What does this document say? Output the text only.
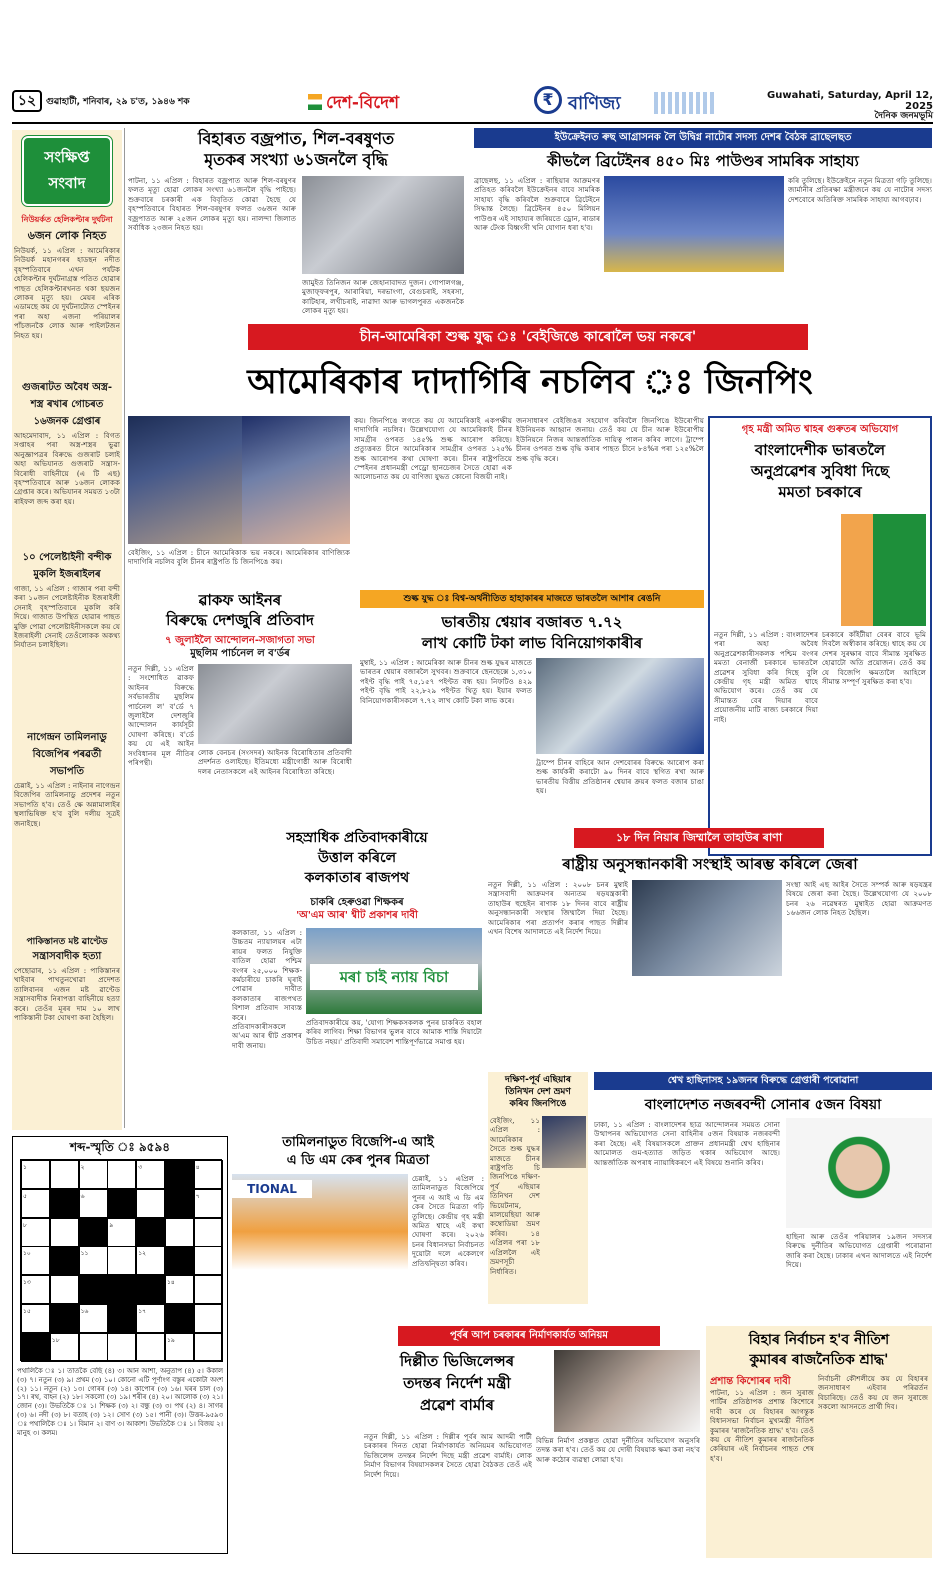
১২	গুৱাহাটী, শনিবাৰ, ২৯ চ'ত, ১৯৪৬ শক	দেশ-বিদেশ	₹ বাণিজ্য	Guwahati, Saturday, April 12, 2025
দৈনিক জনমভূমি
সংক্ষিপ্ত
সংবাদ
নিউয়ৰ্কত হেলিকপ্টাৰ দুৰ্ঘটনা
৬জন লোক নিহত
নিউয়ৰ্ক, ১১ এপ্ৰিল : আমেৰিকাৰ নিউয়ৰ্ক মহানগৰৰ হাডছন নদীত বৃহস্পতিবাৰে এখন পৰ্যটক হেলিকপ্টাৰ দুৰ্ঘটনাগ্ৰস্ত পতিত হোৱাৰ পাছত হেলিকপ্টাৰখনত থকা ছয়জন লোকৰ মৃত্যু হয়। মেয়ৰ এৰিক এডামছে কয় যে দুৰ্ঘটনাটোত স্পেইনৰ পৰা অহা এজনা পৰিয়ালৰ পাঁচজনকৈ লোক আৰু পাইলটজন নিহত হয়।
গুজৰাটত অবৈধ অস্ত্ৰ-
শস্ত্ৰ ৰখাৰ গোচৰত ১৬জনক গ্ৰেপ্তাৰ
আহমেদাবাদ, ১১ এপ্ৰিল : বিগত সপ্তাহৰ পৰা অস্ত্ৰ-শস্ত্ৰৰ ভুৱা অনুজ্ঞাপত্ৰৰ বিৰুদ্ধে গুজৰাট চলাই অহা অভিযানত গুজৰাট সন্ত্ৰাস-বিৰোধী বাহিনীয়ে (এ টি এছ) বৃহস্পতিবাৰে আৰু ১৬জন লোকক গ্ৰেপ্তাৰ কৰে। অভিযানৰ সময়ত ১৩টা ৰাইফল জব্দ কৰা হয়।
১০ পেলেষ্টাইনী বন্দীক মুকলি ইজৰাইলৰ
গাজা, ১১ এপ্ৰিল : গাজাৰ পৰা বন্দী কৰা ১০জন পেলেষ্টাইনীক ইজৰাইলী সেনাই বৃহস্পতিবাৰে মুকলি কৰি দিয়ে। গাজাত উপস্থিত হোৱাৰ পাছত মুক্তি পোৱা পেলেষ্টাইনীসকলে কয় যে ইজৰাইলী সেনাই তেওঁলোকক অকথ্য নিৰ্যাতন চলাইছিল।
নাগেন্দ্ৰন তামিলনাডু
বিজেপিৰ পৰৱৰ্তী সভাপতি
চেন্নাই, ১১ এপ্ৰিল : নাইনাৰ নাগেন্দ্ৰন বিজেপিৰ তামিলনাডু প্ৰদেশৰ নতুন সভাপতি হ'ব। তেওঁ ক্ষে অন্নামালাইৰ স্থলাভিষিক্ত হ'ব বুলি দলীয় সূত্ৰই জনাইছে।
পাকিস্তানত মষ্ট ৱাণ্টেড
সন্ত্ৰাসবাদীক হত্যা
পেছোৱাৰ, ১১ এপ্ৰিল : পাকিস্তানৰ খাইবাৰ পাখতুনখোৱা প্ৰদেশত তালিবানৰ এজন মষ্ট ৱাণ্টেড সন্ত্ৰাসবাদীক নিৰাপত্তা বাহিনীয়ে হত্যা কৰে। তেওঁৰ মূৰৰ দাম ১০ লাখ পাকিস্তানী টকা ঘোষণা কৰা হৈছিল।
বিহাৰত বজ্ৰপাত, শিল-বৰষুণত
মৃতকৰ সংখ্যা ৬১জনলৈ বৃদ্ধি
পাটনা, ১১ এপ্ৰিল : বিহাৰত বজ্ৰপাত আৰু শিল-বৰষুণৰ ফলত মৃত্যু হোৱা লোকৰ সংখ্যা ৬১জনলৈ বৃদ্ধি পাইছে। শুক্ৰবাৰে চৰকাৰী এক বিবৃতিত কোৱা হৈছে যে বৃহস্পতিবাৰে বিহাৰত শিল-বৰষুণৰ ফলত ৩৬জন আৰু বজ্ৰপাতত আৰু ২৫জন লোকৰ মৃত্যু হয়। নালন্দা জিলাত সৰ্বাধিক ২৩জন নিহত হয়।
জামুইত তিনিজন আৰু জেহানাবাদত দুজন। গোপালগঞ্জ, মুজাফ্ফৰপুৰ, আৰাৰিয়া, দৰভাংগা, বেগুচৰাই, সহৰসা, কাটিহাৰ, লখীচৰাই, নাৱাদা আৰু ভাগলপুৰত একজনকৈ লোকৰ মৃত্যু হয়।
ইউক্ৰেইনত ৰুছ আগ্ৰাসনক লৈ উদ্বিগ্ন নাটোৰ সদস্য দেশৰ বৈঠক ব্ৰাছেলছত
কীভলৈ ব্ৰিটেইনৰ ৪৫০ মিঃ পাউণ্ডৰ সামৰিক সাহায্য
ব্ৰাছেলছ, ১১ এপ্ৰিল : ৰাছিয়াৰ আক্ৰমণৰ প্ৰতিহত কৰিবলৈ ইউক্ৰেইনৰ বাবে সামৰিক সাহায্য বৃদ্ধি কৰিবলৈ শুক্ৰবাৰে ব্ৰিটেইনে সিদ্ধান্ত লৈছে। ব্ৰিটেইনৰ ৪৫০ মিলিয়ন পাউণ্ডৰ এই সাহায্যৰ জৰিয়তে ড্ৰোন, ৰাডাৰ আৰু টেংক বিধ্বংসী খনি যোগান ধৰা হ'ব।
কৰি তুলিছে। ইউক্ৰেইনে নতুন মিত্ৰতা গঢ়ি তুলিছে। জাৰ্মানীৰ প্ৰতিৰক্ষা মন্ত্ৰীজনে কয় যে নাটোৰ সদস্য দেশবোৰে অতিৰিক্ত সামৰিক সাহায্য আগবঢ়াব।
চীন-আমেৰিকা শুল্ক যুদ্ধ ঃ 'বেইজিঙে কাৰোলৈ ভয় নকৰে'
আমেৰিকাৰ দাদাগিৰি নচলিব ঃ জিনপিং
বেইজিং, ১১ এপ্ৰিল : চীনে আমেৰিকাক ভয় নকৰে। আমেৰিকাৰ বাণিজ্যিক দাদাগিৰি নচলিব বুলি চীনৰ ৰাষ্ট্ৰপতি চি জিনপিঙে কয়।
কয়। জিনপিঙে লগতে কয় যে আমেৰিকাই একপক্ষীয় দাদাগিৰি নচলিব। উল্লেখযোগ্য যে আমেৰিকাই চীনৰ সামগ্ৰীৰ ওপৰত ১৪৫% শুল্ক আৰোপ কৰিছে। প্ৰত্যুত্তৰত চীনে আমেৰিকাৰ সামগ্ৰীৰ ওপৰত ১২৫% শুল্ক আৰোপৰ কথা ঘোষণা কৰে। চীনৰ ৰাষ্ট্ৰপতিয়ে স্পেইনৰ প্ৰধানমন্ত্ৰী পেড্ৰো ছানচেজৰ সৈতে হোৱা এক আলোচনাত কয় যে বাণিজ্য যুদ্ধত কোনো বিজয়ী নাই।
জনসাধাৰণ বেইজিঙৰ সহযোগ কৰিবলৈ জিনপিঙে ইউৰোপীয় ইউনিয়নক আহ্বান জনায়। তেওঁ কয় যে চীন আৰু ইউৰোপীয় ইউনিয়নে নিজৰ আন্তৰ্জাতিক দায়িত্ব পালন কৰিব লাগে। ট্ৰাম্পে চীনৰ ওপৰত শুল্ক বৃদ্ধি কৰাৰ পাছত চীনে ৮৪%ৰ পৰা ১২৫%লৈ শুল্ক বৃদ্ধি কৰে।
গৃহ মন্ত্ৰী অমিত শ্বাহৰ গুৰুতৰ অভিযোগ
বাংলাদেশীক ভাৰতলৈ
অনুপ্ৰৱেশৰ সুবিধা দিছে
মমতা চৰকাৰে
নতুন দিল্লী, ১১ এপ্ৰিল : বাংলাদেশৰ পৰা অহা অবৈধ অনুপ্ৰৱেশকাৰীসকলক পশ্চিম বংগৰ মমতা বেনাৰ্জী চৰকাৰে ভাৰতলৈ প্ৰৱেশৰ সুবিধা কৰি দিছে বুলি কেন্দ্ৰীয় গৃহ মন্ত্ৰী অমিত শ্বাহে অভিযোগ কৰে। তেওঁ কয় যে সীমান্তত বেৰ দিয়াৰ বাবে প্ৰয়োজনীয় মাটি ৰাজ্য চৰকাৰে দিয়া নাই।
চৰকাৰে কাঁইটীয়া বেৰৰ বাবে ভূমি দিবলৈ অস্বীকাৰ কৰিছে। শ্বাহে কয় যে দেশৰ সুৰক্ষাৰ বাবে সীমান্ত সুৰক্ষিত হোৱাটো অতি প্ৰয়োজন। তেওঁ কয় যে বিজেপি ক্ষমতালৈ আহিলে সীমান্ত সম্পূৰ্ণ সুৰক্ষিত কৰা হ'ব।
ৱাকফ আইনৰ
বিৰুদ্ধে দেশজুৰি প্ৰতিবাদ
৭ জুলাইলৈ আন্দোলন-সজাগতা সভা
মুছলিম পাৰ্চনেল ল ব'ৰ্ডৰ
নতুন দিল্লী, ১১ এপ্ৰিল : সংশোধিত ৱাকফ আইনৰ বিৰুদ্ধে সৰ্বভাৰতীয় মুছলিম পাৰ্চনেল ল' ব'ৰ্ডে ৭ জুলাইলৈ দেশজুৰি আন্দোলন কাৰ্যসূচী ঘোষণা কৰিছে। ব'ৰ্ডে কয় যে এই আইন সংবিধানৰ মূল নীতিৰ পৰিপন্থী।
লোক বেনচৰ (সংসদৰ) আইনক বিৰোধিতাৰ প্ৰতিবাদী প্ৰদৰ্শনত ওলাইছে। ইতিমধ্যে মন্ত্ৰীগোষ্ঠী আৰু বিৰোধী দলৰ নেতাসকলে এই আইনৰ বিৰোধিতা কৰিছে।
শুল্ক যুদ্ধ ঃ বিশ্ব-অৰ্থনীতিত হাহাকাৰৰ মাজতে ভাৰতলৈ আশাৰ ৰেঙনি
ভাৰতীয় শ্বেয়াৰ বজাৰত ৭.৭২
লাখ কোটি টকা লাভ বিনিয়োগকাৰীৰ
মুম্বাই, ১১ এপ্ৰিল : আমেৰিকা আৰু চীনৰ শুল্ক যুদ্ধৰ মাজতে ভাৰতৰ শ্বেয়াৰ বজাৰলৈ সুখবৰ। শুক্ৰবাৰে ছেনছেক্সে ১,৩১০ পইণ্ট বৃদ্ধি পাই ৭৫,১৫৭ পইণ্টত বন্ধ হয়। নিফটিও ৪২৯ পইণ্ট বৃদ্ধি পাই ২২,৮২৯ পইণ্টত থিতু হয়। ইয়াৰ ফলত বিনিয়োগকাৰীসকলে ৭.৭২ লাখ কোটি টকা লাভ কৰে।
ট্ৰাম্পে চীনৰ বাহিৰে আন দেশবোৰৰ বিৰুদ্ধে আৰোপ কৰা শুল্ক কাৰ্যকৰী কৰাটো ৯০ দিনৰ বাবে স্থগিত ৰখা আৰু ভাৰতীয় বিত্তীয় প্ৰতিষ্ঠানৰ শ্বেয়াৰ ক্ৰয়ৰ ফলত বজাৰ চাঙা হয়।
সহস্ৰাধিক প্ৰতিবাদকাৰীয়ে
উত্তাল কৰিলে
কলকাতাৰ ৰাজপথ
চাকৰি হেৰুওৱা শিক্ষকৰ
'অ'এম আৰ' শ্বীট প্ৰকাশৰ দাবী
কলকাতা, ১১ এপ্ৰিল : উচ্চতম ন্যায়ালয়ৰ এটা ৰায়ৰ ফলত নিযুক্তি বাতিল হোৱা পশ্চিম বংগৰ ২৫,০০০ শিক্ষক-কৰ্মচাৰীয়ে চাকৰি ঘূৰাই পোৱাৰ দাবীত কলকাতাৰ ৰাজপথত বিশাল প্ৰতিবাদ সাব্যস্ত কৰে। প্ৰতিবাদকাৰীসকলে অ'এম আৰ শ্বীট প্ৰকাশৰ দাবী জনায়।
মৰা চাই ন্যায় বিচা
প্ৰতিবাদকাৰীয়ে কয়, 'যোগ্য শিক্ষকসকলক পুনৰ চাকৰিত বহাল কৰিব লাগিব। শিক্ষা বিভাগৰ ভুলৰ বাবে আমাক শাস্তি দিয়াটো উচিত নহয়।' প্ৰতিবাদী সমাবেশ শান্তিপূৰ্ণভাৱে সমাপ্ত হয়।
১৮ দিন নিয়াৰ জিম্মালৈ তাহাউৰ ৰাণা
ৰাষ্ট্ৰীয় অনুসন্ধানকাৰী সংস্থাই আৰম্ভ কৰিলে জেৰা
নতুন দিল্লী, ১১ এপ্ৰিল : ২০০৮ চনৰ মুম্বাই সন্ত্ৰাসবাদী আক্ৰমণৰ অন্যতম ষড়যন্ত্ৰকাৰী তাহাউৰ হুছেইন ৰাণাক ১৮ দিনৰ বাবে ৰাষ্ট্ৰীয় অনুসন্ধানকাৰী সংস্থাৰ জিম্মালৈ দিয়া হৈছে। আমেৰিকাৰ পৰা প্ৰত্যৰ্পণ কৰাৰ পাছত দিল্লীৰ এখন বিশেষ আদালতে এই নিৰ্দেশ দিয়ে।
সংস্থা আই এছ আইৰ সৈতে সম্পৰ্ক আৰু ষড়যন্ত্ৰৰ বিষয়ে জেৰা কৰা হৈছে। উল্লেখযোগ্য যে ২০০৮ চনৰ ২৬ নৱেম্বৰত মুম্বাইত হোৱা আক্ৰমণত ১৬৬জন লোক নিহত হৈছিল।
শব্দ-স্মৃতি ঃ ৯৫৯৪
১	২	৩	৪
৫	৬	৭
৮	৯
১০	১১	১২
১৩	১৪
১৫	১৬	১৭
১৮	১৯
পথালিকৈ ঃ ১। তাতকৈ বেছি (৪) ৩। আন আশা, অনুতাপ (৪) ৫। কঁকাল (৩) ৭। নতুন (৩) ৯। প্ৰথম (৩) ১০। কোনো এটি পূৰ্ণাংগ বস্তুৰ একোটা অংশ (২) ১১। নতুন (২) ১৩। গোৰৰ (৩) ১৪। কাপোৰ (৩) ১৬। ঘৰৰ চাল (৩) ১৭। ৰথ, বাহন (২) ১৮। সকলো (৩) ১৯। শৰীৰ (৪) ২০। আলোক (৩) ২১। জোন (৩)। উভতিকৈ ঃ ১। শিক্ষক (৩) ২। বন্ধু (৩) ৩। পথ (২) ৪। সাগৰ (৩) ৬। নদী (৩) ৮। বতাহ (৩) ১২। সোণ (৩) ১৫। পানী (৩)। উত্তৰ-৯৫৯৩ ঃ পথালিকৈ ঃ ১। বিমান ২। বাণ ৩। আকাশ। উভতিকৈ ঃ ১। বিজয় ২। মানুহ ৩। কলম।
দক্ষিণ-পূৰ্ব এছিয়াৰ
তিনিখন দেশ ভ্ৰমণ
কৰিব জিনপিঙে
বেইজিং, ১১ এপ্ৰিল : আমেৰিকাৰ সৈতে শুল্ক যুদ্ধৰ মাজতে চীনৰ ৰাষ্ট্ৰপতি চি জিনপিঙে দক্ষিণ-পূৰ্ব এছিয়াৰ তিনিখন দেশ ভিয়েটনাম, মালয়েছিয়া আৰু কম্বোডিয়া ভ্ৰমণ কৰিব। ১৪ এপ্ৰিলৰ পৰা ১৮ এপ্ৰিললৈ এই ভ্ৰমণসূচী নিৰ্ধাৰিত।
তামিলনাডুত বিজেপি-এ আই
এ ডি এম কেৰ পুনৰ মিত্ৰতা
TIONAL
চেন্নাই, ১১ এপ্ৰিল : তামিলনাডুত বিজেপিয়ে পুনৰ এ আই এ ডি এম কেৰ সৈতে মিত্ৰতা গঢ়ি তুলিছে। কেন্দ্ৰীয় গৃহ মন্ত্ৰী অমিত শ্বাহে এই কথা ঘোষণা কৰে। ২০২৬ চনৰ বিধানসভা নিৰ্বাচনত দুয়োটা দলে একেলগে প্ৰতিদ্বন্দ্বিতা কৰিব।
শ্বেখ হাছিনাসহ ১৯জনৰ বিৰুদ্ধে গ্ৰেপ্তাৰী পৰোৱানা
বাংলাদেশত নজৰবন্দী সোনাৰ ৫জন বিষয়া
ঢাকা, ১১ এপ্ৰিল : বাংলাদেশৰ ছাত্ৰ আন্দোলনৰ সময়ত সোনা উত্থাপনৰ অভিযোগত সেনা বাহিনীৰ ৫জন বিষয়াক নজৰবন্দী কৰা হৈছে। এই বিষয়াসকলে প্ৰাক্তন প্ৰধানমন্ত্ৰী শ্বেখ হাছিনাৰ আমোলত গুম-হত্যাত জড়িত থকাৰ অভিযোগ আছে। আন্তৰ্জাতিক অপৰাধ ন্যায়াধিকৰণে এই বিষয়ে শুনানি কৰিব।
হাছিনা আৰু তেওঁৰ পৰিয়ালৰ ১৯জন সদস্যৰ বিৰুদ্ধে দুৰ্নীতিৰ অভিযোগত গ্ৰেপ্তাৰী পৰোৱানা জাৰি কৰা হৈছে। ঢাকাৰ এখন আদালতে এই নিৰ্দেশ দিয়ে।
পূৰ্বৰ আপ চৰকাৰৰ নিৰ্মাণকাৰ্যত অনিয়ম
দিল্লীত ভিজিলেন্সৰ
তদন্তৰ নিৰ্দেশ মন্ত্ৰী
প্ৰৱেশ বাৰ্মাৰ
নতুন দিল্লী, ১১ এপ্ৰিল : দিল্লীৰ পূৰ্বৰ আম আদমী পাৰ্টী চৰকাৰৰ দিনত হোৱা নিৰ্মাণকাৰ্যত অনিয়মৰ অভিযোগত ভিজিলেন্স তদন্তৰ নিৰ্দেশ দিছে মন্ত্ৰী প্ৰৱেশ বাৰ্মাই। লোক নিৰ্মাণ বিভাগৰ বিষয়াসকলৰ সৈতে হোৱা বৈঠকত তেওঁ এই নিৰ্দেশ দিয়ে।
বিভিন্ন নিৰ্মাণ প্ৰকল্পত হোৱা দুৰ্নীতিৰ অভিযোগ অনুসৰি তদন্ত কৰা হ'ব। তেওঁ কয় যে দোষী বিষয়াক ক্ষমা কৰা নহ'ব আৰু কঠোৰ ব্যৱস্থা লোৱা হ'ব।
বিহাৰ নিৰ্বাচন হ'ব নীতিশ
কুমাৰৰ ৰাজনৈতিক শ্ৰাদ্ধ'
প্ৰশান্ত কিশোৰৰ দাবী
পাটনা, ১১ এপ্ৰিল : জন সুৰাজ পাৰ্টিৰ প্ৰতিষ্ঠাপক প্ৰশান্ত কিশোৰে দাবী কৰে যে বিহাৰৰ আগন্তুক বিধানসভা নিৰ্বাচন মুখ্যমন্ত্ৰী নীতিশ কুমাৰৰ 'ৰাজনৈতিক শ্ৰাদ্ধ' হ'ব। তেওঁ কয় যে নীতিশ কুমাৰৰ ৰাজনৈতিক কেৰিয়াৰ এই নিৰ্বাচনৰ পাছত শেষ হ'ব।
নিৰ্বাচনী কৌশলীয়ে কয় যে বিহাৰৰ জনসাধাৰণ এইবাৰ পৰিৱৰ্তন বিচাৰিছে। তেওঁ কয় যে জন সুৰাজে সকলো আসনতে প্ৰাৰ্থী দিব।
